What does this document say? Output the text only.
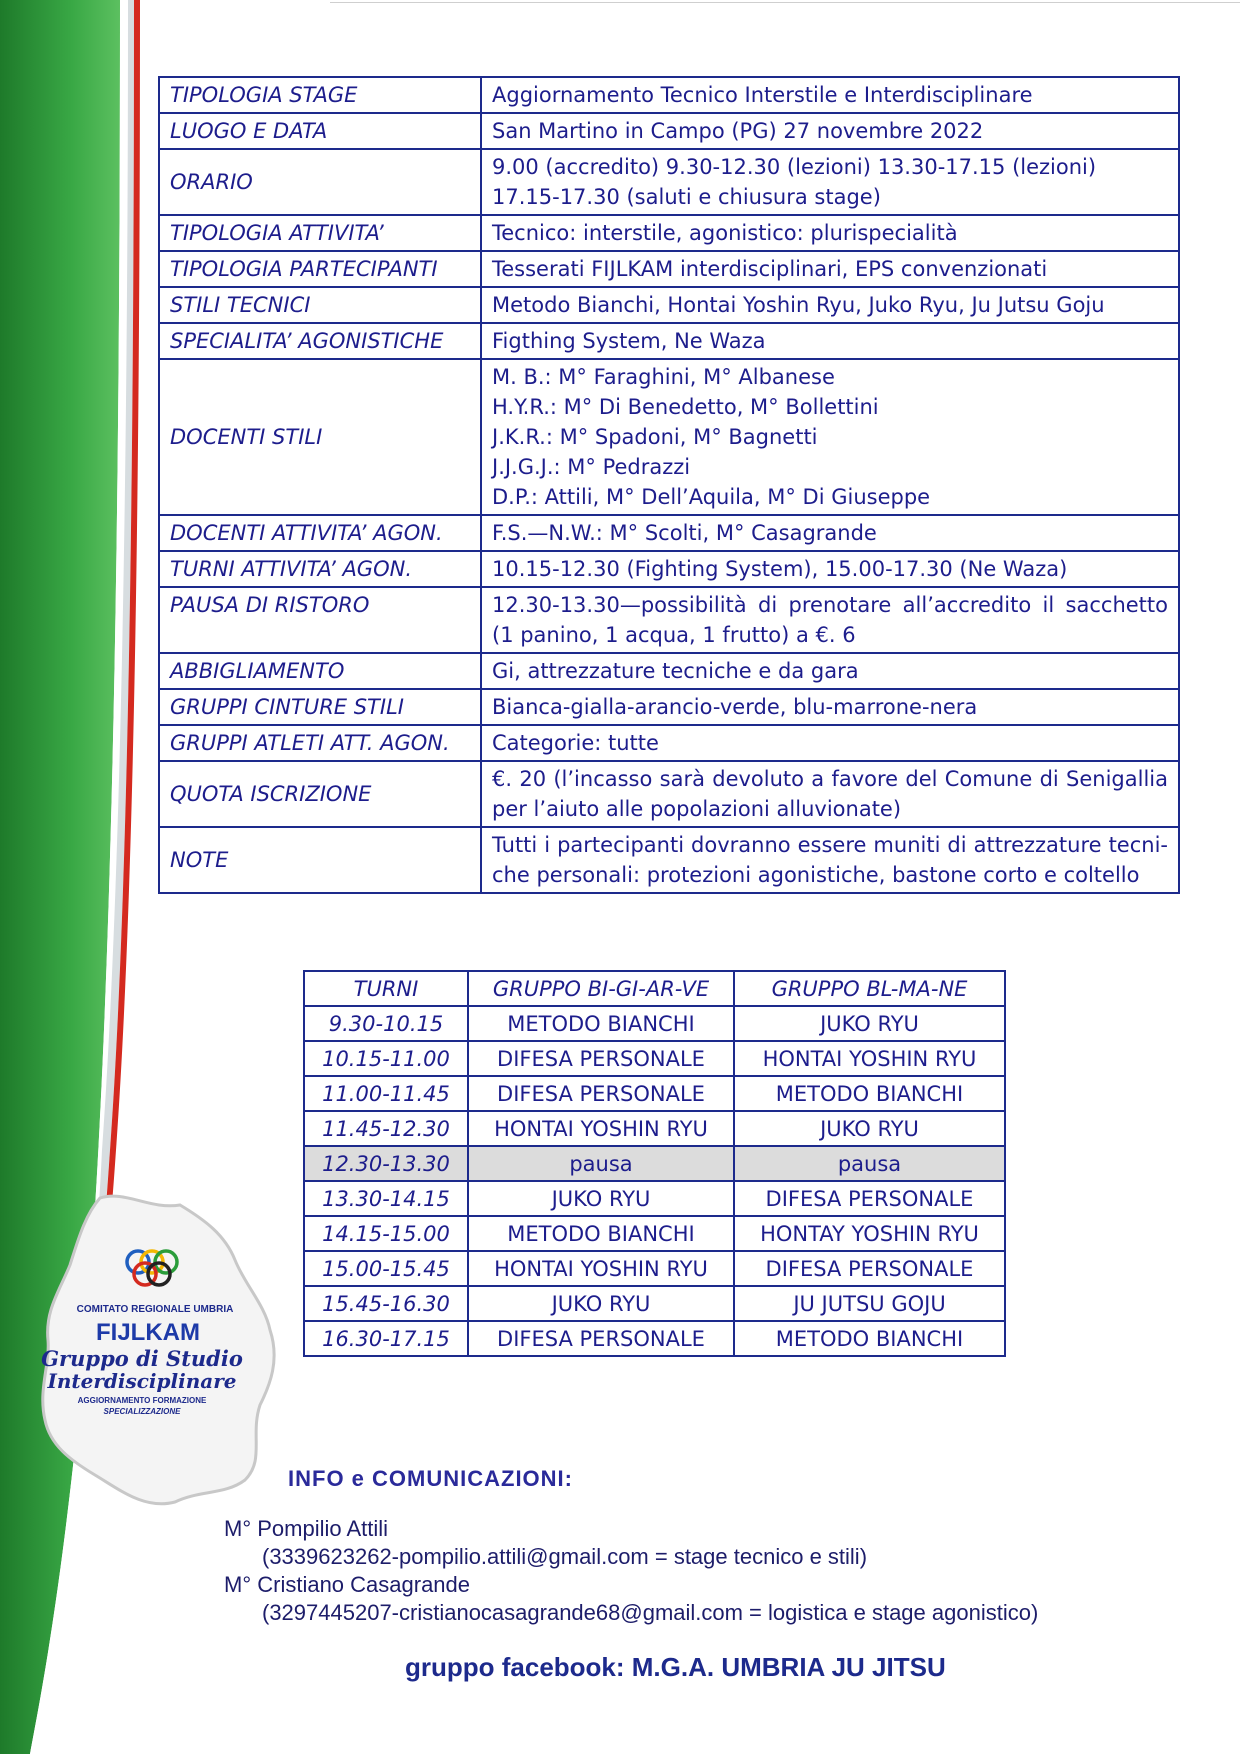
TIPOLOGIA STAGE	Aggiornamento Tecnico Interstile e Interdisciplinare
LUOGO E DATA	San Martino in Campo (PG) 27 novembre 2022
ORARIO	9.00 (accredito) 9.30-12.30 (lezioni) 13.30-17.15 (lezioni) 17.15-17.30 (saluti e chiusura stage)
TIPOLOGIA ATTIVITA’	Tecnico: interstile, agonistico: plurispecialità
TIPOLOGIA PARTECIPANTI	Tesserati FIJLKAM interdisciplinari, EPS convenzionati
STILI TECNICI	Metodo Bianchi, Hontai Yoshin Ryu, Juko Ryu, Ju Jutsu Goju
SPECIALITA’ AGONISTICHE	Figthing System, Ne Waza
DOCENTI STILI	M. B.: M° Faraghini, M° Albanese
H.Y.R.: M° Di Benedetto, M° Bollettini
J.K.R.: M° Spadoni, M° Bagnetti
J.J.G.J.: M° Pedrazzi
D.P.: Attili, M° Dell’Aquila, M° Di Giuseppe

DOCENTI ATTIVITA’ AGON.	F.S.—N.W.: M° Scolti, M° Casagrande
TURNI ATTIVITA’ AGON.	10.15-12.30 (Fighting System), 15.00-17.30 (Ne Waza)
PAUSA DI RISTORO	12.30-13.30—possibilità di prenotare all’accredito il sacchetto (1 panino, 1 acqua, 1 frutto) a €. 6
ABBIGLIAMENTO	Gi, attrezzature tecniche e da gara
GRUPPI CINTURE STILI	Bianca-gialla-arancio-verde, blu-marrone-nera
GRUPPI ATLETI ATT. AGON.	Categorie: tutte
QUOTA ISCRIZIONE	€. 20 (l’incasso sarà devoluto a favore del Comune di Senigallia per l’aiuto alle popolazioni alluvionate)
NOTE	Tutti i partecipanti dovranno essere muniti di attrezzature tecni-che personali: protezioni agonistiche, bastone corto e coltello
TURNI	GRUPPO BI-GI-AR-VE	GRUPPO BL-MA-NE
9.30-10.15	METODO BIANCHI	JUKO RYU
10.15-11.00	DIFESA PERSONALE	HONTAI YOSHIN RYU
11.00-11.45	DIFESA PERSONALE	METODO BIANCHI
11.45-12.30	HONTAI YOSHIN RYU	JUKO RYU
12.30-13.30	pausa	pausa
13.30-14.15	JUKO RYU	DIFESA PERSONALE
14.15-15.00	METODO BIANCHI	HONTAY YOSHIN RYU
15.00-15.45	HONTAI YOSHIN RYU	DIFESA PERSONALE
15.45-16.30	JUKO RYU	JU JUTSU GOJU
16.30-17.15	DIFESA PERSONALE	METODO BIANCHI
COMITATO REGIONALE UMBRIA
FIJLKAM
Gruppo di Studio
Interdisciplinare
AGGIORNAMENTO FORMAZIONE
SPECIALIZZAZIONE
INFO e COMUNICAZIONI:
M° Pompilio Attili
(3339623262-pompilio.attili@gmail.com = stage tecnico e stili)
M° Cristiano Casagrande
(3297445207-cristianocasagrande68@gmail.com = logistica e stage agonistico)
gruppo facebook: M.G.A. UMBRIA JU JITSU
